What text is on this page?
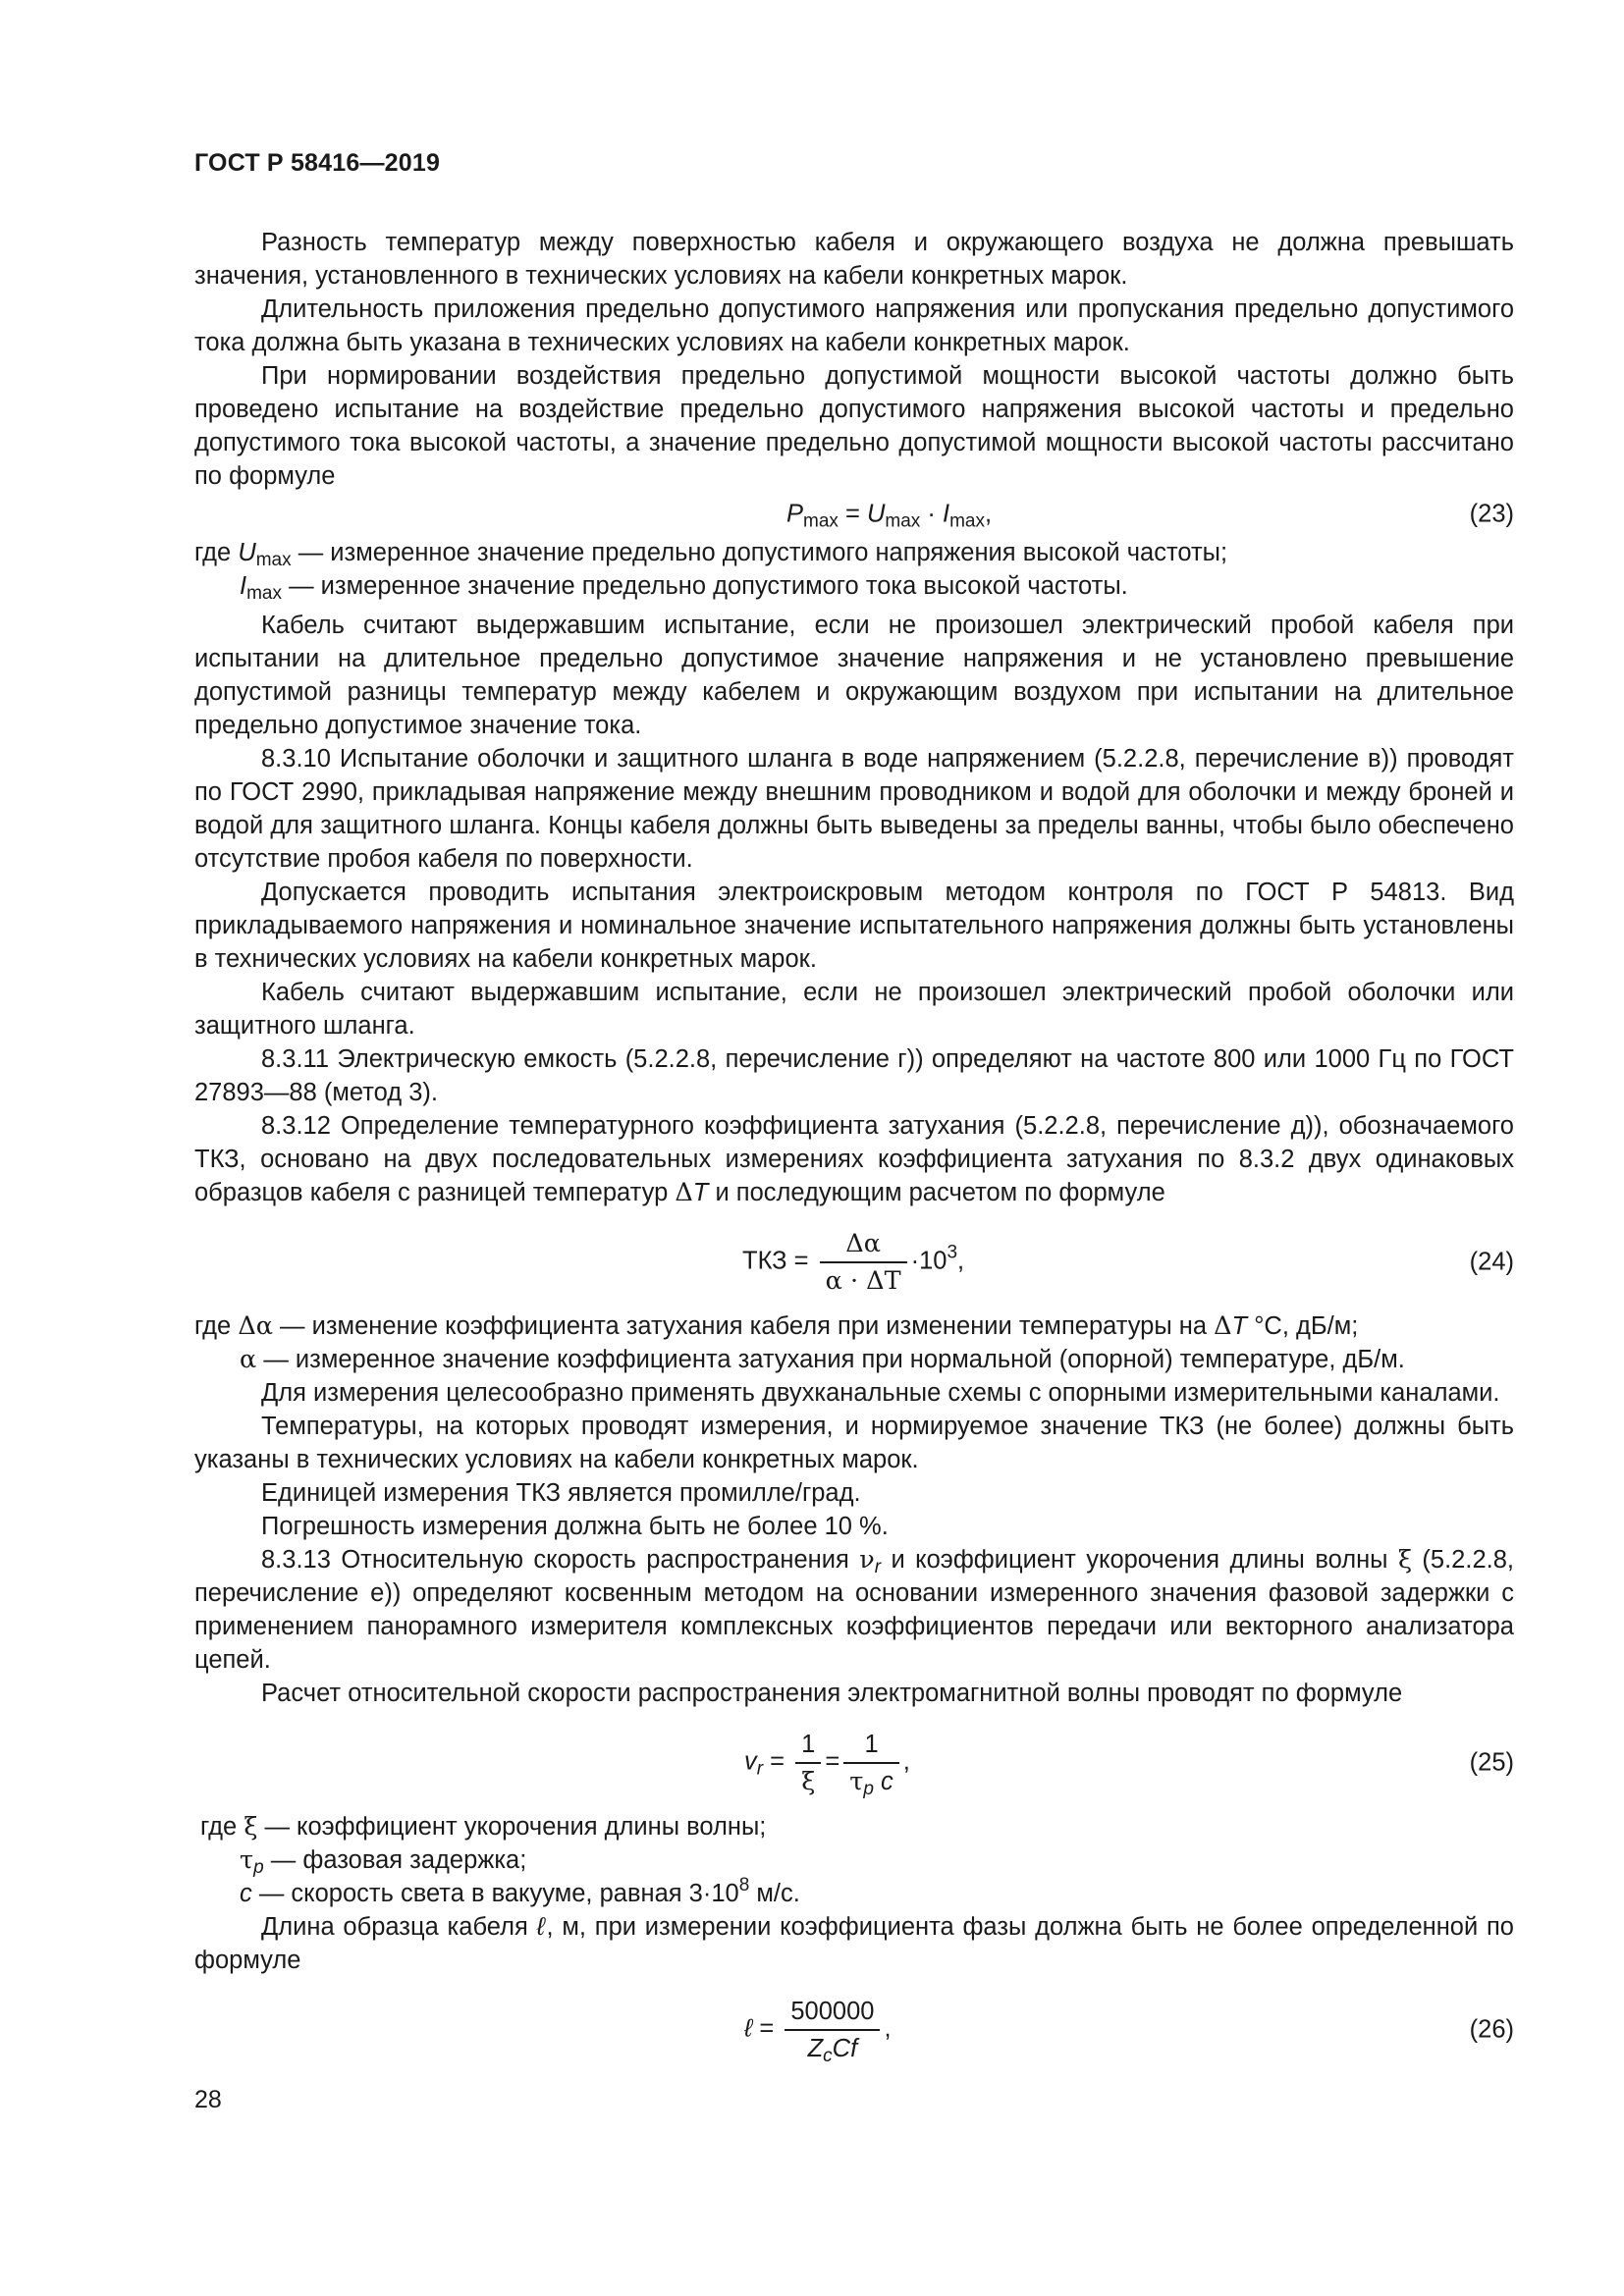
ГОСТ Р 58416—2019

Разность температур между поверхностью кабеля и окружающего воздуха не должна превышать значения, установленного в технических условиях на кабели конкретных марок.

Длительность приложения предельно допустимого напряжения или пропускания предельно допустимого тока должна быть указана в технических условиях на кабели конкретных марок.

При нормировании воздействия предельно допустимой мощности высокой частоты должно быть проведено испытание на воздействие предельно допустимого напряжения высокой частоты и предельно допустимого тока высокой частоты, а значение предельно допустимой мощности высокой частоты рассчитано по формуле

$P_{max} = U_{max} \cdot I_{max}$,	(23)

где $U_{max}$ — измеренное значение предельно допустимого напряжения высокой частоты;

$I_{max}$ — измеренное значение предельно допустимого тока высокой частоты.

Кабель считают выдержавшим испытание, если не произошел электрический пробой кабеля при испытании на длительное предельно допустимое значение напряжения и не установлено превышение допустимой разницы температур между кабелем и окружающим воздухом при испытании на длительное предельно допустимое значение тока.

8.3.10 Испытание оболочки и защитного шланга в воде напряжением (5.2.2.8, перечисление в)) проводят по ГОСТ 2990, прикладывая напряжение между внешним проводником и водой для оболочки и между броней и водой для защитного шланга. Концы кабеля должны быть выведены за пределы ванны, чтобы было обеспечено отсутствие пробоя кабеля по поверхности.

Допускается проводить испытания электроискровым методом контроля по ГОСТ Р 54813. Вид прикладываемого напряжения и номинальное значение испытательного напряжения должны быть установлены в технических условиях на кабели конкретных марок.

Кабель считают выдержавшим испытание, если не произошел электрический пробой оболочки или защитного шланга.

8.3.11 Электрическую емкость (5.2.2.8, перечисление г)) определяют на частоте 800 или 1000 Гц по ГОСТ 27893—88 (метод 3).

8.3.12 Определение температурного коэффициента затухания (5.2.2.8, перечисление д)), обозначаемого ТКЗ, основано на двух последовательных измерениях коэффициента затухания по 8.3.2 двух одинаковых образцов кабеля с разницей температур ΔT и последующим расчетом по формуле

ТКЗ = $\frac{\Delta\alpha}{\alpha \cdot \Delta T} \cdot 10^3$,	(24)

где Δα — изменение коэффициента затухания кабеля при изменении температуры на ΔT °С, дБ/м;

α — измеренное значение коэффициента затухания при нормальной (опорной) температуре, дБ/м.

Для измерения целесообразно применять двухканальные схемы с опорными измерительными каналами.

Температуры, на которых проводят измерения, и нормируемое значение ТКЗ (не более) должны быть указаны в технических условиях на кабели конкретных марок.

Единицей измерения ТКЗ является промилле/град.

Погрешность измерения должна быть не более 10 %.

8.3.13 Относительную скорость распространения $\nu_r$ и коэффициент укорочения длины волны ξ (5.2.2.8, перечисление е)) определяют косвенным методом на основании измеренного значения фазовой задержки с применением панорамного измерителя комплексных коэффициентов передачи или векторного анализатора цепей.

Расчет относительной скорости распространения электромагнитной волны проводят по формуле

$v_r = \frac{1}{\xi} = \frac{1}{\tau_p c}$ ,	(25)

где ξ — коэффициент укорочения длины волны;

$\tau_p$ — фазовая задержка;

c — скорость света в вакууме, равная $3\cdot 10^8$ м/с.

Длина образца кабеля ℓ, м, при измерении коэффициента фазы должна быть не более определенной по формуле

ℓ = $\frac{500000}{Z_cCf}$ ,	(26)
28
